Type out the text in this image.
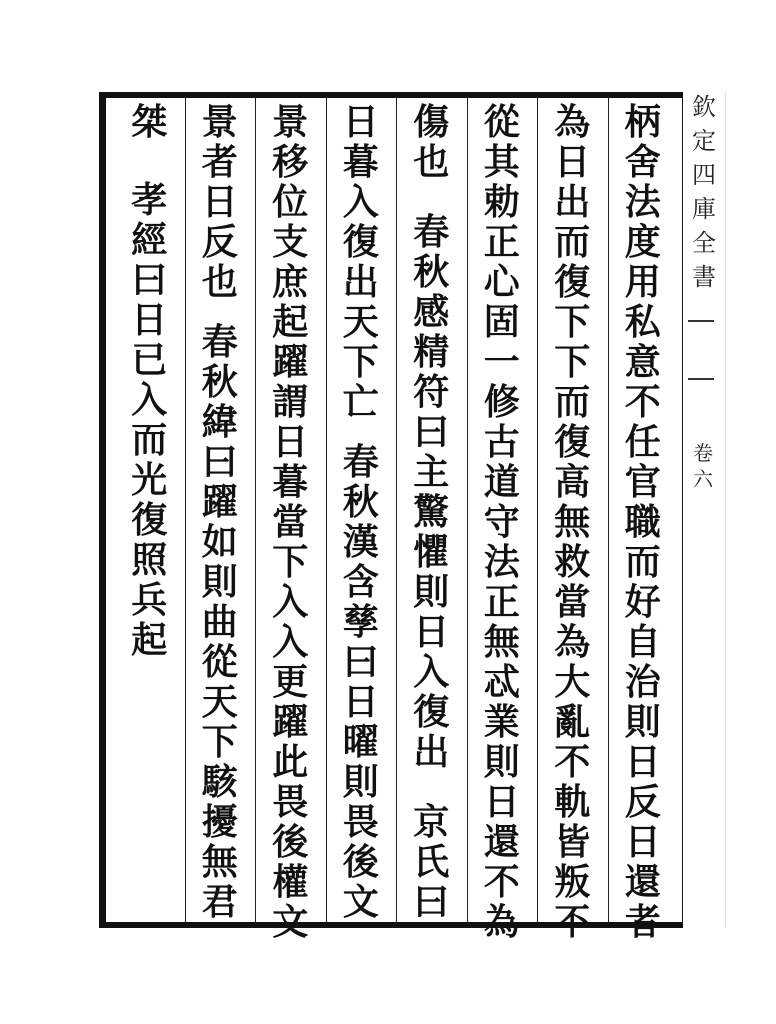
欽
定
四
庫
全
書
卷
六
柄
舍
法
度
用
私
意
不
任
官
職
而
好
自
治
則
日
反
日
還
者
為
日
出
而
復
下
下
而
復
高
無
救
當
為
大
亂
不
軌
皆
叛
不
從
其
勅
正
心
固
一
修
古
道
守
法
正
無
忒
業
則
日
還
不
為
傷
也
春
秋
感
精
符
曰
主
驚
懼
則
日
入
復
出
京
氏
曰
日
暮
入
復
出
天
下
亡
春
秋
漢
含
孳
曰
日
曜
則
畏
後
文
景
移
位
支
庶
起
躍
謂
日
暮
當
下
入
入
更
躍
此
畏
後
權
文
景
者
日
反
也
春
秋
緯
曰
躍
如
則
曲
從
天
下
駭
擾
無
君
桀
孝
經
曰
日
已
入
而
光
復
照
兵
起
